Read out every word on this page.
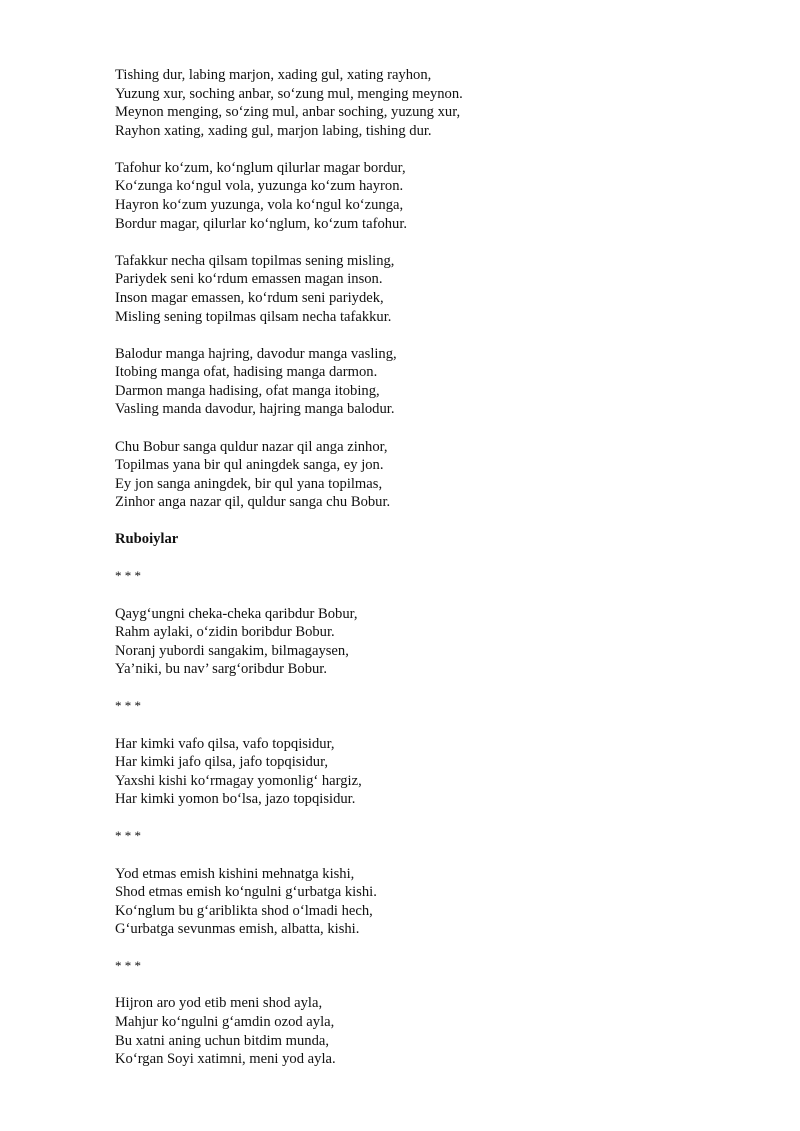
Tishing dur, labing marjon, xading gul, xating rayhon,
Yuzung xur, soching anbar, so‘zung mul, menging meynon.
Meynon menging, so‘zing mul, anbar soching, yuzung xur,
Rayhon xating, xading gul, marjon labing, tishing dur.
Tafohur ko‘zum, ko‘nglum qilurlar magar bordur,
Ko‘zunga ko‘ngul vola, yuzunga ko‘zum hayron.
Hayron ko‘zum yuzunga, vola ko‘ngul ko‘zunga,
Bordur magar, qilurlar ko‘nglum, ko‘zum tafohur.
Tafakkur necha qilsam topilmas sening misling,
Pariydek seni ko‘rdum emassen magan inson.
Inson magar emassen, ko‘rdum seni pariydek,
Misling sening topilmas qilsam necha tafakkur.
Balodur manga hajring, davodur manga vasling,
Itobing manga ofat, hadising manga darmon.
Darmon manga hadising, ofat manga itobing,
Vasling manda davodur, hajring manga balodur.
Chu Bobur sanga quldur nazar qil anga zinhor,
Topilmas yana bir qul aningdek sanga, ey jon.
Ey jon sanga aningdek, bir qul yana topilmas,
Zinhor anga nazar qil, quldur sanga chu Bobur.
Ruboiylar
* * *
Qayg‘ungni cheka-cheka qaribdur Bobur,
Rahm aylaki, o‘zidin boribdur Bobur.
Noranj yubordi sangakim, bilmagaysen,
Ya’niki, bu nav’ sarg‘oribdur Bobur.
* * *
Har kimki vafo qilsa, vafo topqisidur,
Har kimki jafo qilsa, jafo topqisidur,
Yaxshi kishi ko‘rmagay yomonlig‘ hargiz,
Har kimki yomon bo‘lsa, jazo topqisidur.
* * *
Yod etmas emish kishini mehnatga kishi,
Shod etmas emish ko‘ngulni g‘urbatga kishi.
Ko‘nglum bu g‘ariblikta shod o‘lmadi hech,
G‘urbatga sevunmas emish, albatta, kishi.
* * *
Hijron aro yod etib meni shod ayla,
Mahjur ko‘ngulni g‘amdin ozod ayla,
Bu xatni aning uchun bitdim munda,
Ko‘rgan Soyi xatimni, meni yod ayla.
